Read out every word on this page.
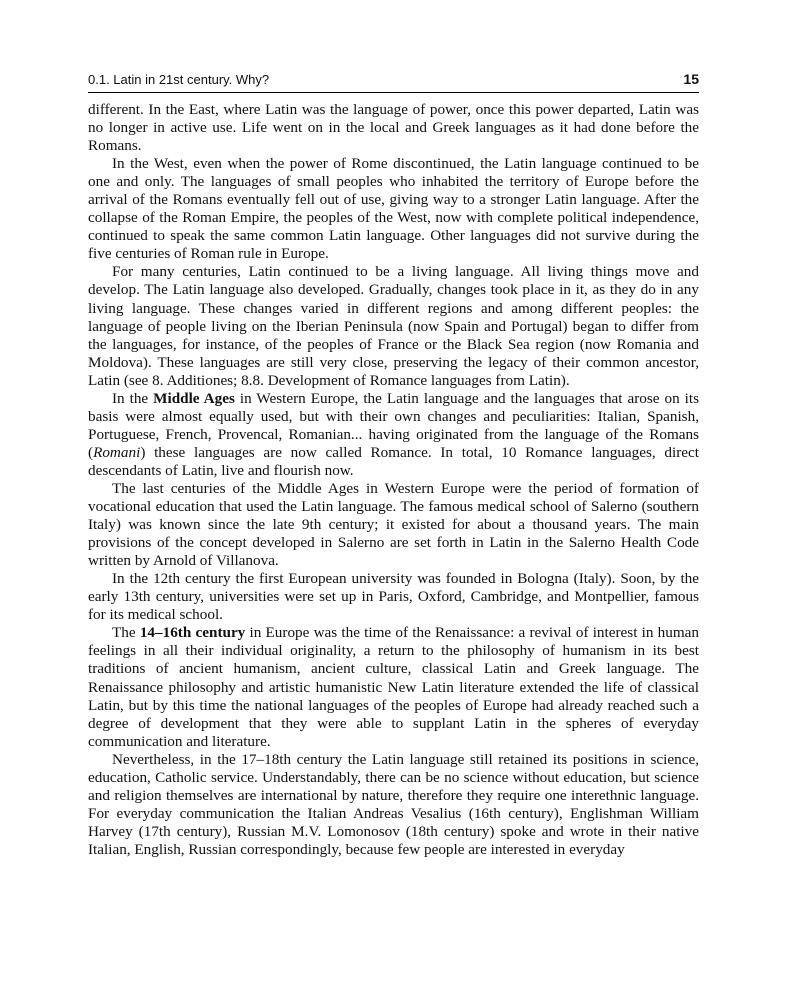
0.1. Latin in 21st century. Why?	15

different. In the East, where Latin was the language of power, once this power departed, Latin was no longer in active use. Life went on in the local and Greek languages as it had done before the Romans.

In the West, even when the power of Rome discontinued, the Latin language continued to be one and only. The languages of small peoples who inhabited the territory of Europe before the arrival of the Romans eventually fell out of use, giving way to a stronger Latin language. After the collapse of the Roman Empire, the peoples of the West, now with complete political independence, continued to speak the same common Latin language. Other languages did not survive during the five centuries of Roman rule in Europe.

For many centuries, Latin continued to be a living language. All living things move and develop. The Latin language also developed. Gradually, changes took place in it, as they do in any living language. These changes varied in different regions and among different peoples: the language of people living on the Iberian Peninsula (now Spain and Portugal) began to differ from the languages, for instance, of the peoples of France or the Black Sea region (now Romania and Moldova). These languages are still very close, preserving the legacy of their common ancestor, Latin (see 8. Additiones; 8.8. Development of Romance languages from Latin).

In the Middle Ages in Western Europe, the Latin language and the languages that arose on its basis were almost equally used, but with their own changes and peculiarities: Italian, Spanish, Portuguese, French, Provencal, Romanian... having originated from the language of the Romans (Romani) these languages are now called Romance. In total, 10 Romance languages, direct descendants of Latin, live and flourish now.

The last centuries of the Middle Ages in Western Europe were the period of formation of vocational education that used the Latin language. The famous medical school of Salerno (southern Italy) was known since the late 9th century; it existed for about a thousand years. The main provisions of the concept developed in Salerno are set forth in Latin in the Salerno Health Code written by Arnold of Villanova.

In the 12th century the first European university was founded in Bologna (Italy). Soon, by the early 13th century, universities were set up in Paris, Oxford, Cambridge, and Montpellier, famous for its medical school.

The 14–16th century in Europe was the time of the Renaissance: a revival of interest in human feelings in all their individual originality, a return to the philosophy of humanism in its best traditions of ancient humanism, ancient culture, classical Latin and Greek language. The Renaissance philosophy and artistic humanistic New Latin literature extended the life of classical Latin, but by this time the national languages of the peoples of Europe had already reached such a degree of development that they were able to supplant Latin in the spheres of everyday communication and literature.

Nevertheless, in the 17–18th century the Latin language still retained its positions in science, education, Catholic service. Understandably, there can be no science without education, but science and religion themselves are international by nature, therefore they require one interethnic language. For everyday communication the Italian Andreas Vesalius (16th century), Englishman William Harvey (17th century), Russian M.V. Lomonosov (18th century) spoke and wrote in their native Italian, English, Russian correspondingly, because few people are interested in everyday
